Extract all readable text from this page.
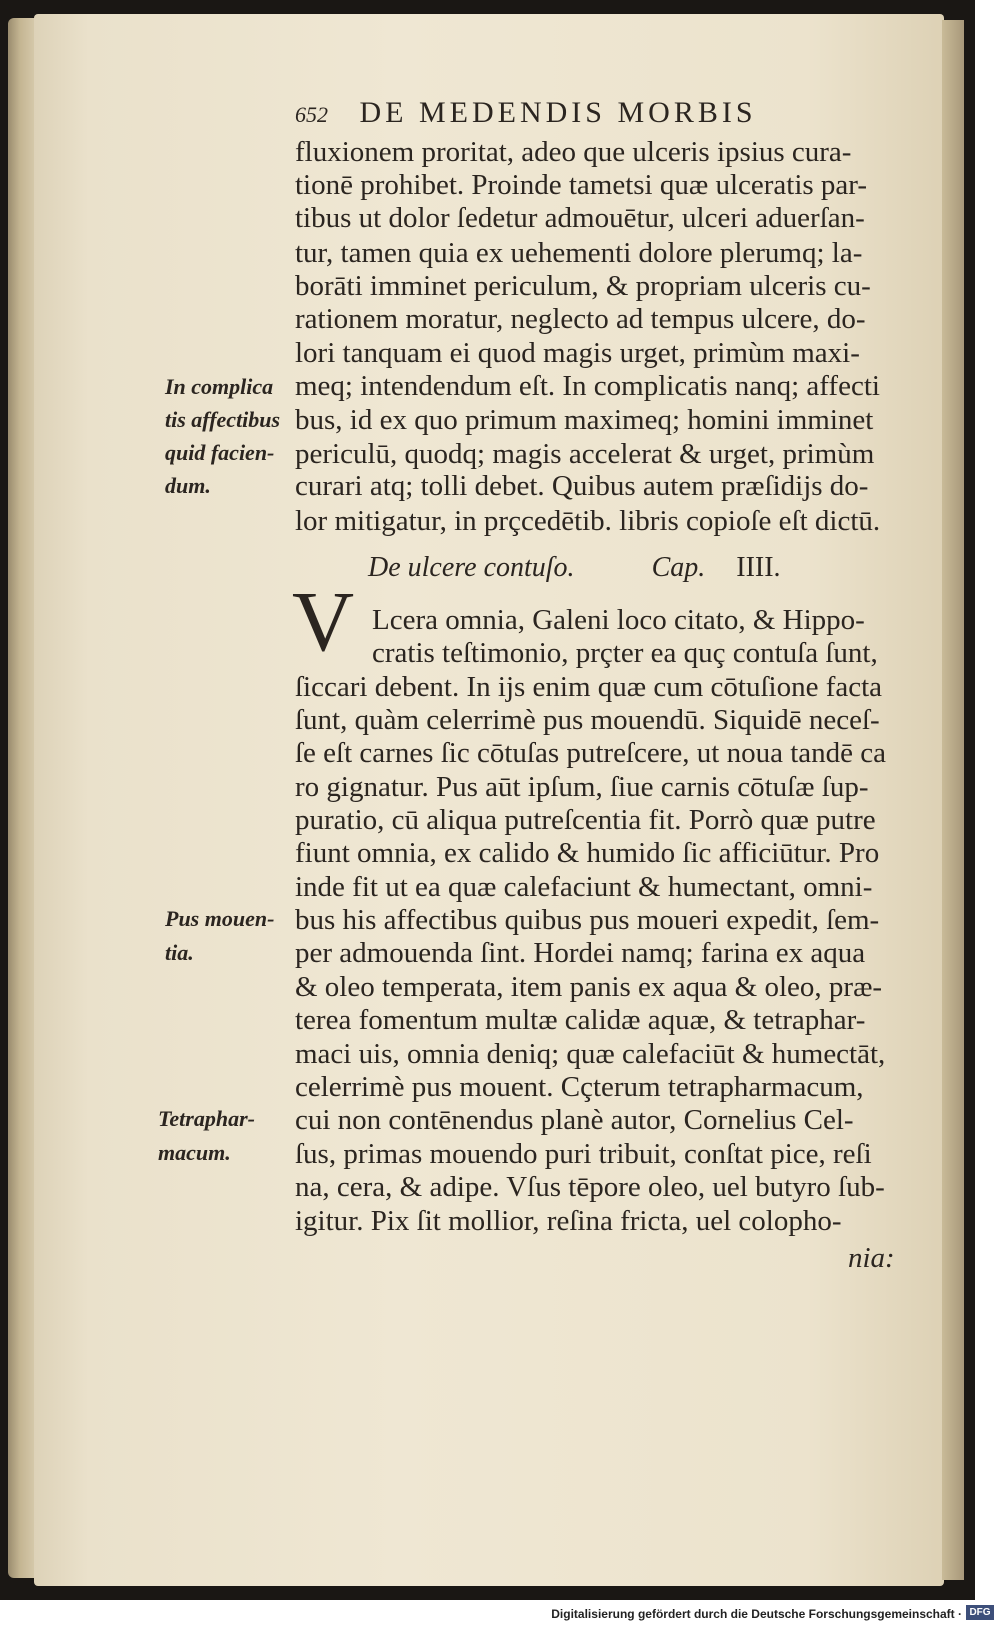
652 DE MEDENDIS MORBIS
fluxionem proritat, adeo que ulceris ipsius cura-
tionē prohibet. Proinde tametsi quæ ulceratis par-
tibus ut dolor ſedetur admouētur, ulceri aduerſan-
tur, tamen quia ex uehementi dolore plerumq; la-
borāti imminet periculum, & propriam ulceris cu-
rationem moratur, neglecto ad tempus ulcere, do-
lori tanquam ei quod magis urget, primùm maxi-
meq; intendendum eſt. In complicatis nanq; affecti
bus, id ex quo primum maximeq; homini imminet
periculū, quodq; magis accelerat & urget, primùm
curari atq; tolli debet. Quibus autem præſidijs do-
lor mitigatur, in prçcedētib. libris copioſe eſt dictū.
In complica
tis affectibus
quid facien-
dum.
De ulcere contuſo.	Cap. IIII.
V Lcera omnia, Galeni loco citato, & Hippo-
cratis teſtimonio, prçter ea quç contuſa ſunt,
ſiccari debent. In ijs enim quæ cum cōtuſione facta
ſunt, quàm celerrimè pus mouendū. Siquidē neceſ-
ſe eſt carnes ſic cōtuſas putreſcere, ut noua tandē ca
ro gignatur. Pus aūt ipſum, ſiue carnis cōtuſæ ſup-
puratio, cū aliqua putreſcentia fit. Porrò quæ putre
fiunt omnia, ex calido & humido ſic afficiūtur. Pro
inde fit ut ea quæ calefaciunt & humectant, omni-
bus his affectibus quibus pus moueri expedit, ſem-
per admouenda ſint. Hordei namq; farina ex aqua
& oleo temperata, item panis ex aqua & oleo, præ-
terea fomentum multæ calidæ aquæ, & tetraphar-
maci uis, omnia deniq; quæ calefaciūt & humectāt,
celerrimè pus mouent. Cçterum tetrapharmacum,
cui non contēnendus planè autor, Cornelius Cel-
ſus, primas mouendo puri tribuit, conſtat pice, reſi
na, cera, & adipe. Vſus tēpore oleo, uel butyro ſub-
igitur. Pix ſit mollior, reſina fricta, uel colopho-
nia:
Pus mouen-
tia.
Tetraphar-
macum.
Digitalisierung gefördert durch die Deutsche Forschungsgemeinschaft · DFG
